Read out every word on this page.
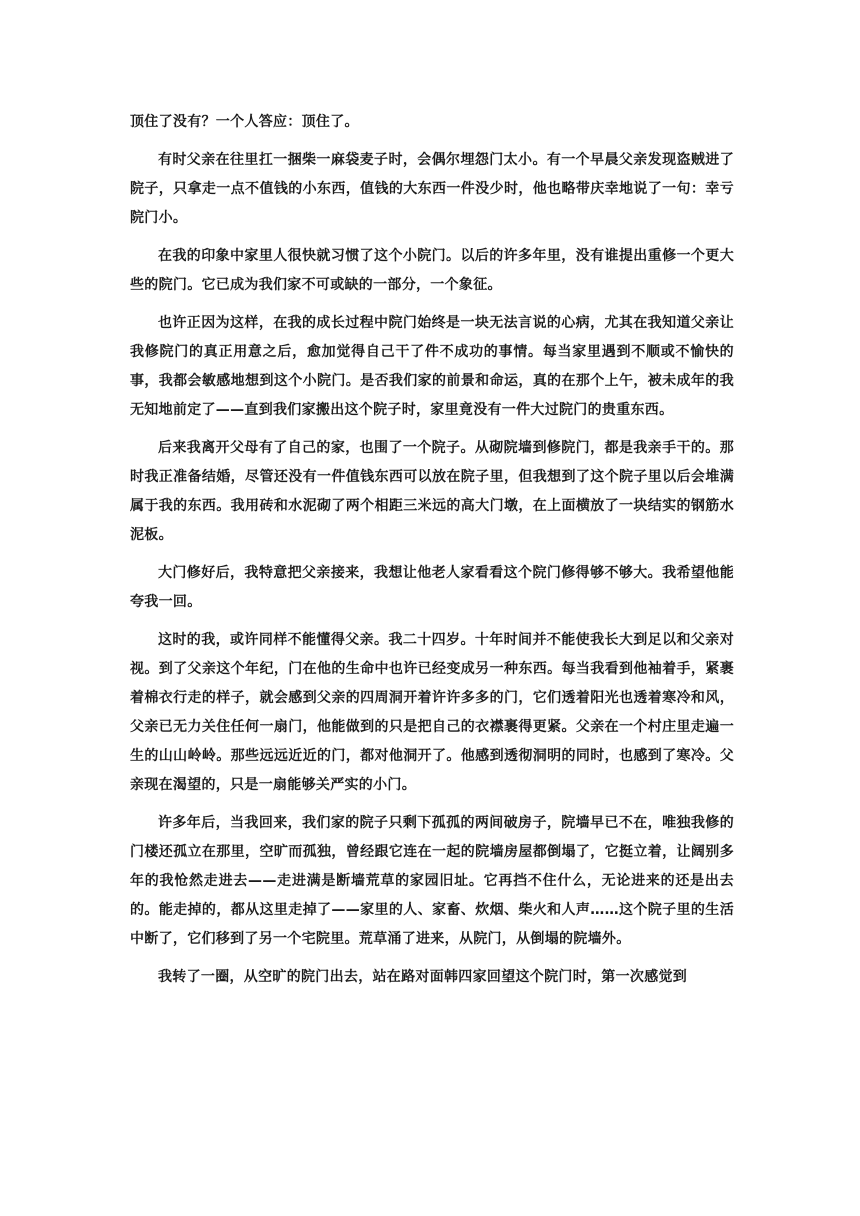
顶住了没有？一个人答应：顶住了。

有时父亲在往里扛一捆柴一麻袋麦子时，会偶尔埋怨门太小。有一个早晨父亲发现盗贼进了院子，只拿走一点不值钱的小东西，值钱的大东西一件没少时，他也略带庆幸地说了一句：幸亏院门小。

在我的印象中家里人很快就习惯了这个小院门。以后的许多年里，没有谁提出重修一个更大些的院门。它已成为我们家不可或缺的一部分，一个象征。

也许正因为这样，在我的成长过程中院门始终是一块无法言说的心病，尤其在我知道父亲让我修院门的真正用意之后，愈加觉得自己干了件不成功的事情。每当家里遇到不顺或不愉快的事，我都会敏感地想到这个小院门。是否我们家的前景和命运，真的在那个上午，被未成年的我无知地前定了——直到我们家搬出这个院子时，家里竟没有一件大过院门的贵重东西。

后来我离开父母有了自己的家，也围了一个院子。从砌院墙到修院门，都是我亲手干的。那时我正准备结婚，尽管还没有一件值钱东西可以放在院子里，但我想到了这个院子里以后会堆满属于我的东西。我用砖和水泥砌了两个相距三米远的高大门墩，在上面横放了一块结实的钢筋水泥板。

大门修好后，我特意把父亲接来，我想让他老人家看看这个院门修得够不够大。我希望他能夸我一回。

这时的我，或许同样不能懂得父亲。我二十四岁。十年时间并不能使我长大到足以和父亲对视。到了父亲这个年纪，门在他的生命中也许已经变成另一种东西。每当我看到他袖着手，紧裹着棉衣行走的样子，就会感到父亲的四周洞开着许许多多的门，它们透着阳光也透着寒冷和风，父亲已无力关住任何一扇门，他能做到的只是把自己的衣襟裹得更紧。父亲在一个村庄里走遍一生的山山岭岭。那些远远近近的门，都对他洞开了。他感到透彻洞明的同时，也感到了寒冷。父亲现在渴望的，只是一扇能够关严实的小门。

许多年后，当我回来，我们家的院子只剩下孤孤的两间破房子，院墙早已不在，唯独我修的门楼还孤立在那里，空旷而孤独，曾经跟它连在一起的院墙房屋都倒塌了，它挺立着，让阔别多年的我怆然走进去——走进满是断墙荒草的家园旧址。它再挡不住什么，无论进来的还是出去的。能走掉的，都从这里走掉了——家里的人、家畜、炊烟、柴火和人声……这个院子里的生活中断了，它们移到了另一个宅院里。荒草涌了进来，从院门，从倒塌的院墙外。

我转了一圈，从空旷的院门出去，站在路对面韩四家回望这个院门时，第一次感觉到
